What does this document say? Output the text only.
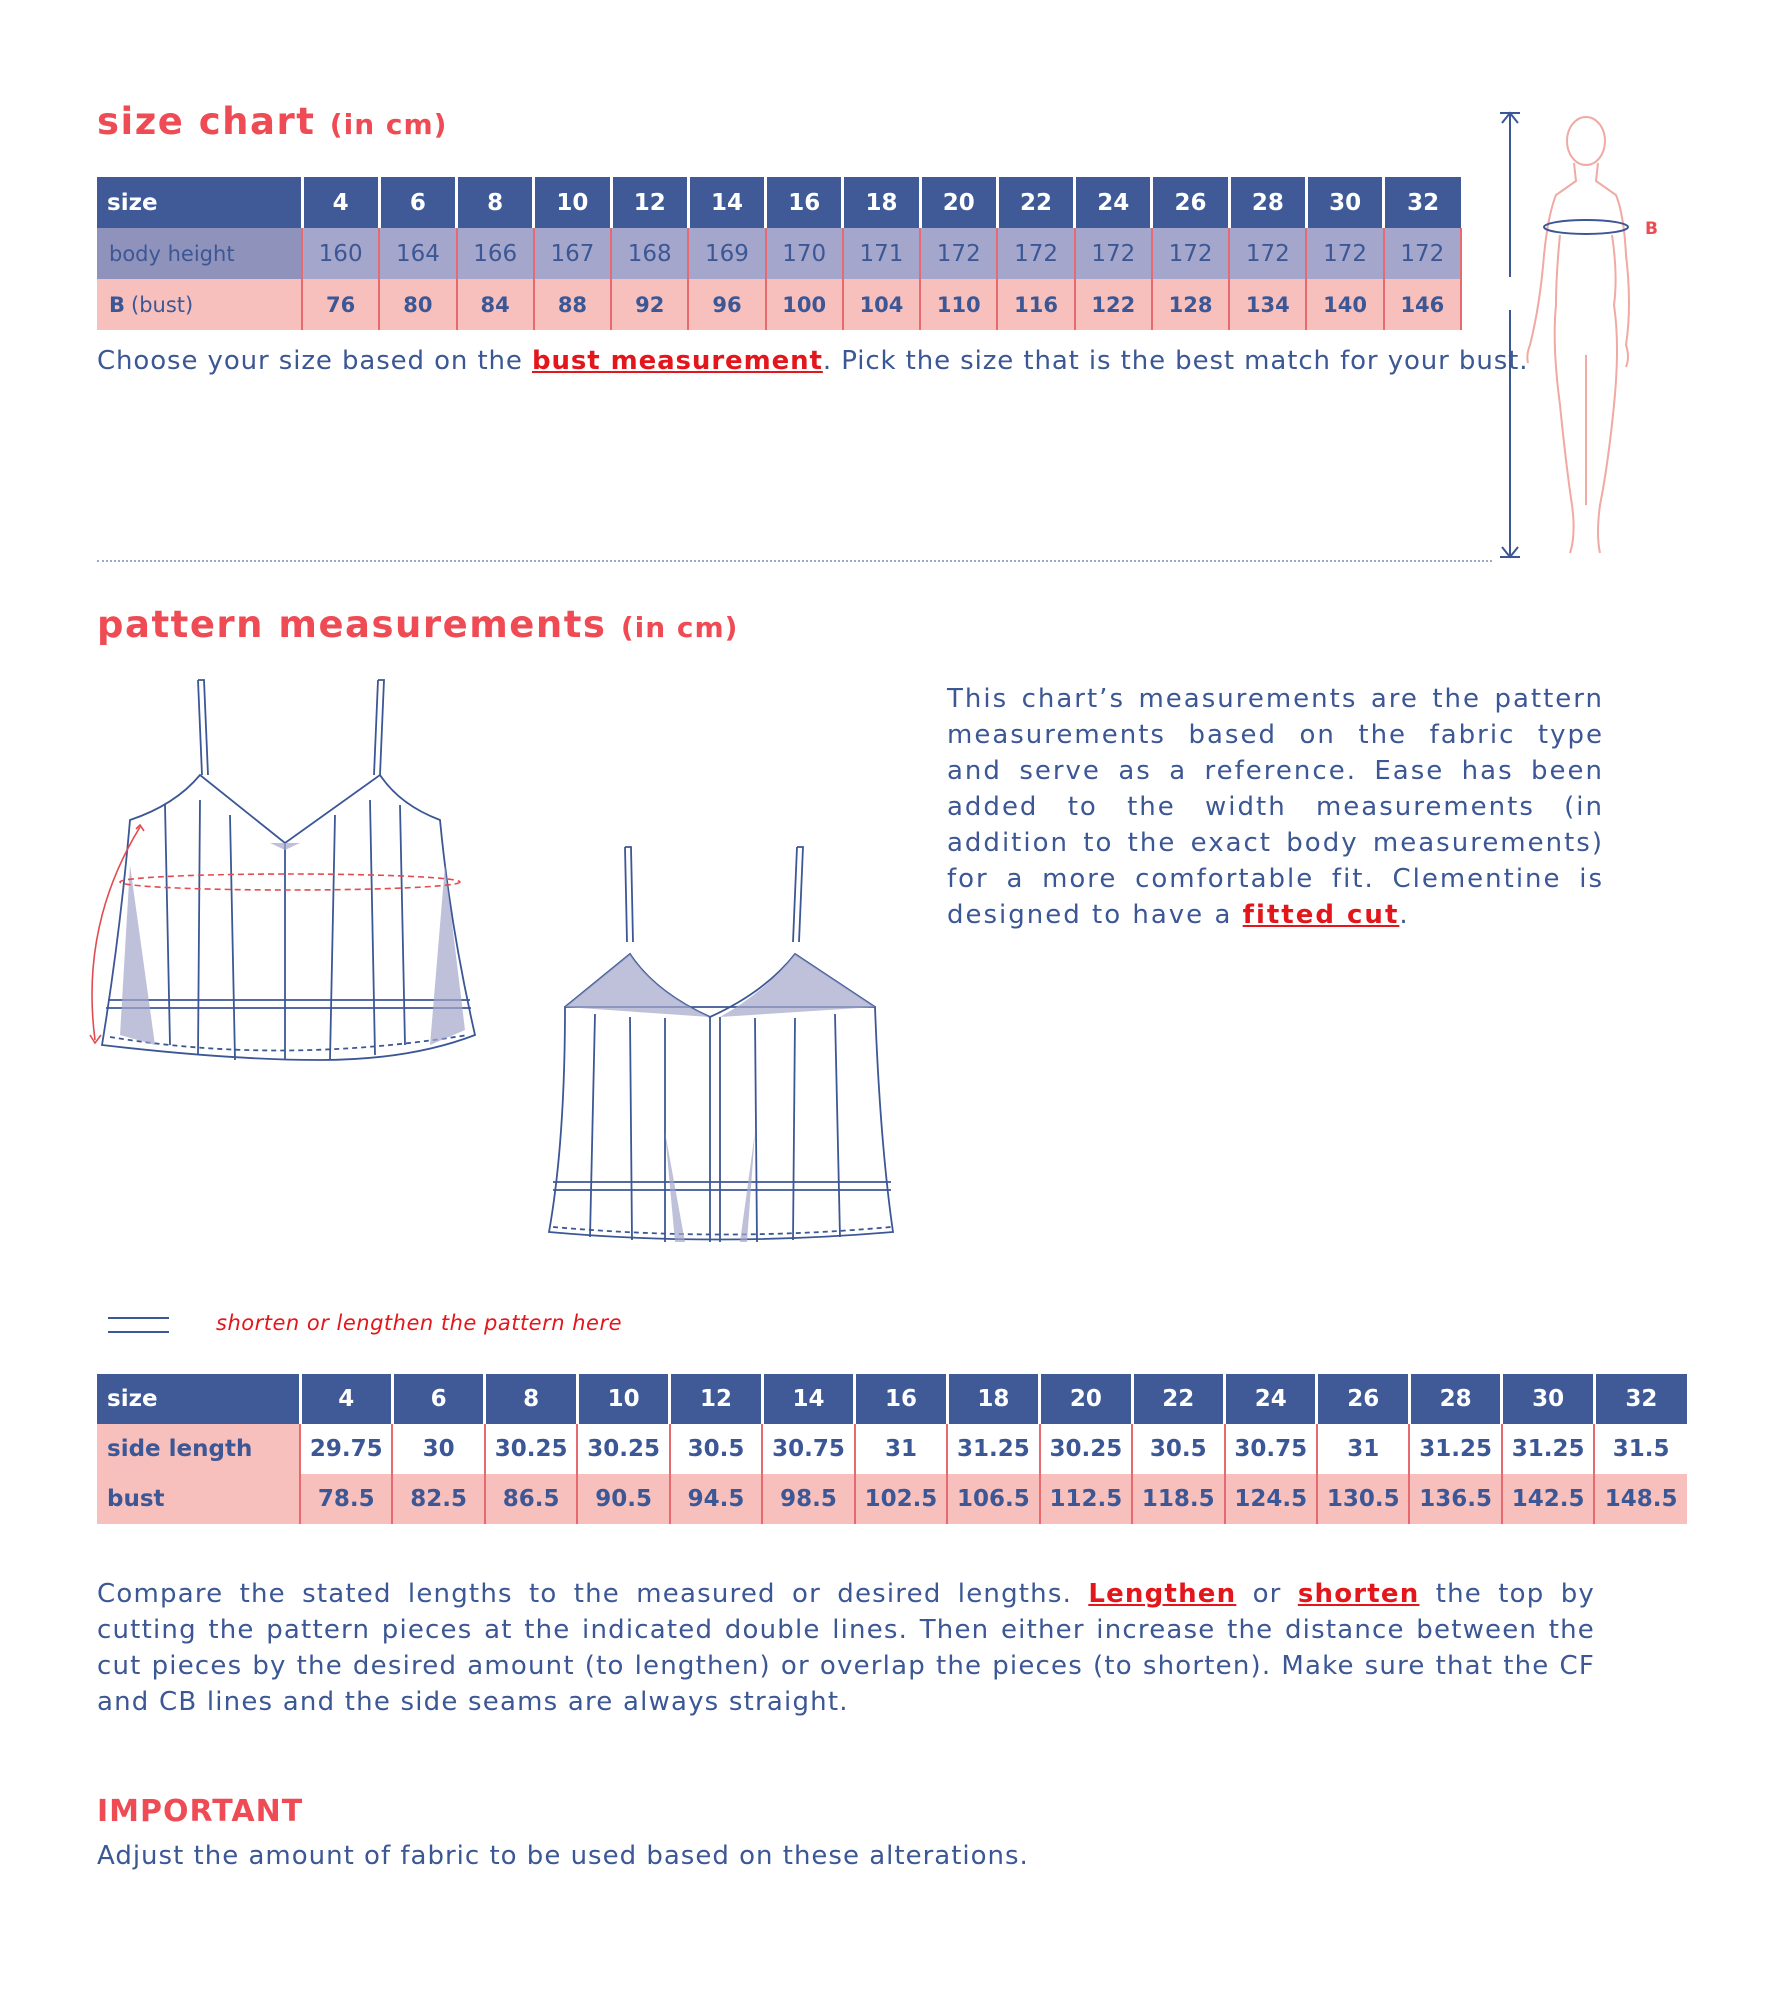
size chart (in cm)
size	4	6	8	10	12	14	16	18	20	22	24	26	28	30	32
body height	160	164	166	167	168	169	170	171	172	172	172	172	172	172	172
B (bust)	76	80	84	88	92	96	100	104	110	116	122	128	134	140	146
Choose your size based on the bust measurement. Pick the size that is the best match for your bust.
B
pattern measurements (in cm)
This chart’s measurements are the pattern measurements based on the fabric type and serve as a reference. Ease has been added to the width measurements (in addition to the exact body measurements) for a more comfortable fit. Clementine is designed to have a fitted cut.
shorten or lengthen the pattern here
size	4	6	8	10	12	14	16	18	20	22	24	26	28	30	32
side length	29.75	30	30.25	30.25	30.5	30.75	31	31.25	30.25	30.5	30.75	31	31.25	31.25	31.5
bust	78.5	82.5	86.5	90.5	94.5	98.5	102.5	106.5	112.5	118.5	124.5	130.5	136.5	142.5	148.5
Compare the stated lengths to the measured or desired lengths. Lengthen or shorten the top by cutting the pattern pieces at the indicated double lines. Then either increase the distance between the cut pieces by the desired amount (to lengthen) or overlap the pieces (to shorten). Make sure that the CF and CB lines and the side seams are always straight.
IMPORTANT
Adjust the amount of fabric to be used based on these alterations.
